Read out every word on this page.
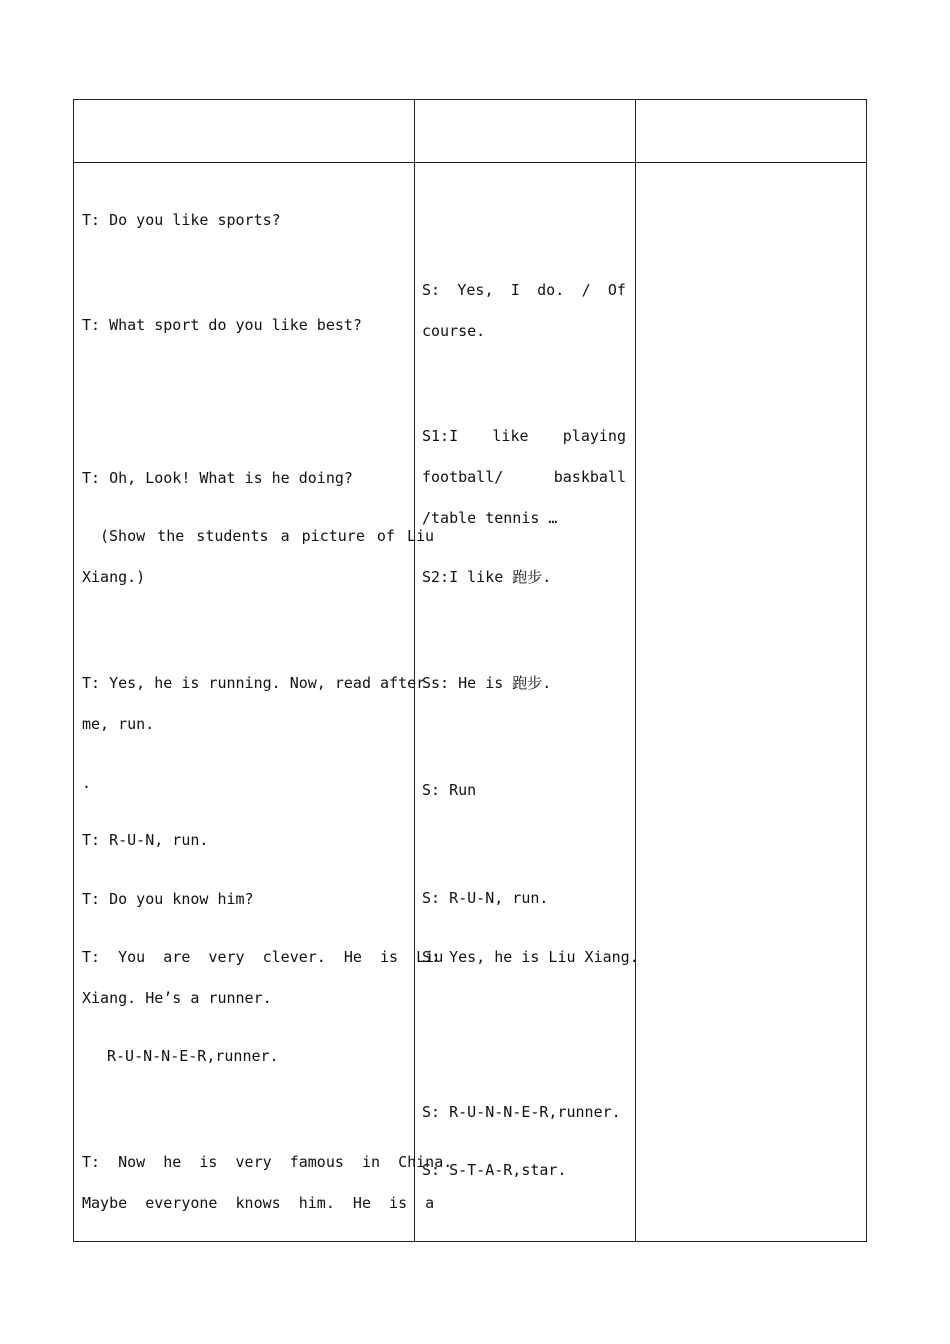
T: Do you like sports?
T: What sport do you like best?
T: Oh, Look! What is he doing?
(Show the students a picture of Liu
Xiang.)
T: Yes, he is running. Now, read after
me, run.
.
T: R-U-N, run.
T: Do you know him?
T:  You  are  very  clever.  He  is  Liu
Xiang. He’s a runner.
R-U-N-N-E-R,runner.
T:  Now  he  is  very  famous  in  China.
Maybe  everyone  knows  him.  He  is  a
S: Yes, I do. / Of
course.
S1:I like playing
football/	baskball
/table tennis …
S2:I like 跑步.
Ss: He is 跑步.
S: Run
S: R-U-N, run.
S: Yes, he is Liu Xiang.
S: R-U-N-N-E-R,runner.
S: S-T-A-R,star.
